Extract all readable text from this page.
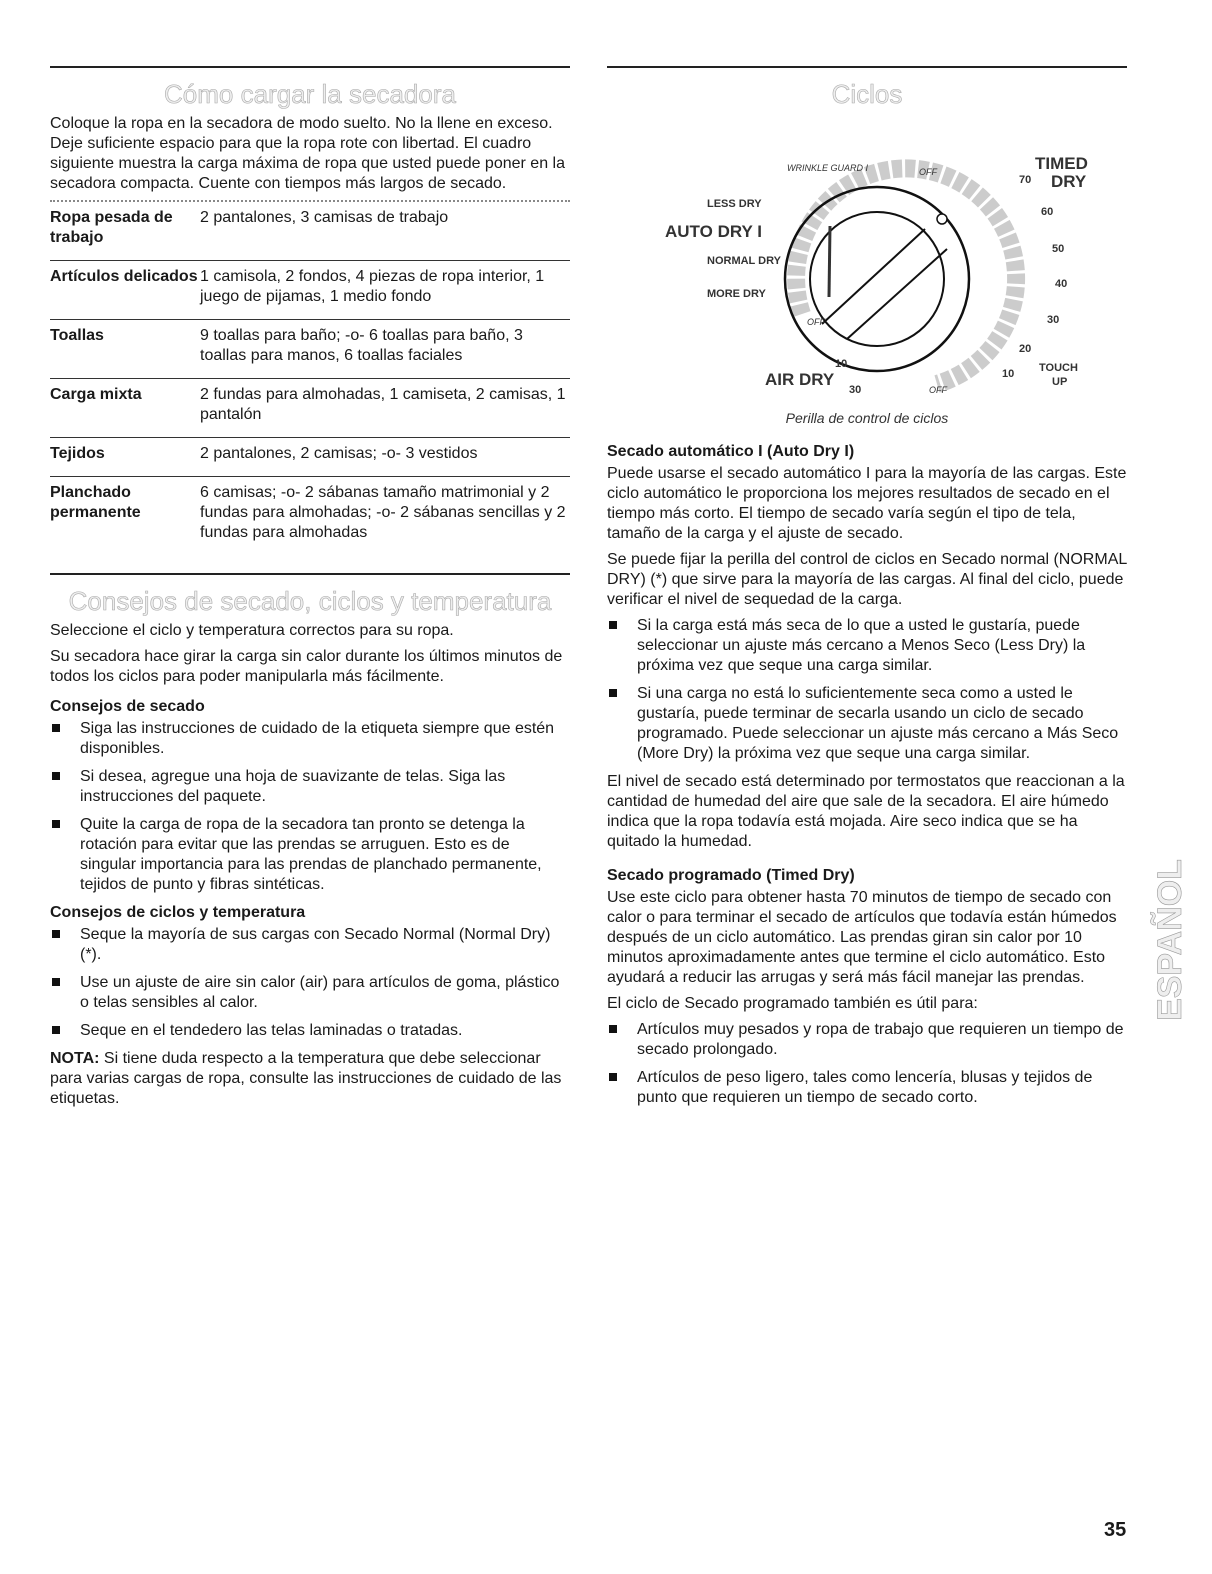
Cómo cargar la secadora

Coloque la ropa en la secadora de modo suelto. No la llene en exceso. Deje suficiente espacio para que la ropa rote con libertad. El cuadro siguiente muestra la carga máxima de ropa que usted puede poner en la secadora compacta. Cuente con tiempos más largos de secado.

Ropa pesada de trabajo	2 pantalones, 3 camisas de trabajo
Artículos delicados	1 camisola, 2 fondos, 4 piezas de ropa interior, 1 juego de pijamas, 1 medio fondo
Toallas	9 toallas para baño; -o- 6 toallas para baño, 3 toallas para manos, 6 toallas faciales
Carga mixta	2 fundas para almohadas, 1 camiseta, 2 camisas, 1 pantalón
Tejidos	2 pantalones, 2 camisas; -o- 3 vestidos
Planchado permanente	6 camisas; -o- 2 sábanas tamaño matrimonial y 2 fundas para almohadas; -o- 2 sábanas sencillas y 2 fundas para almohadas
Consejos de secado, ciclos y temperatura

Seleccione el ciclo y temperatura correctos para su ropa.

Su secadora hace girar la carga sin calor durante los últimos minutos de todos los ciclos para poder manipularla más fácilmente.

Consejos de secado
Siga las instrucciones de cuidado de la etiqueta siempre que estén disponibles.
Si desea, agregue una hoja de suavizante de telas. Siga las instrucciones del paquete.
Quite la carga de ropa de la secadora tan pronto se detenga la rotación para evitar que las prendas se arruguen. Esto es de singular importancia para las prendas de planchado permanente, tejidos de punto y fibras sintéticas.
Consejos de ciclos y temperatura
Seque la mayoría de sus cargas con Secado Normal (Normal Dry) (*).
Use un ajuste de aire sin calor (air) para artículos de goma, plástico o telas sensibles al calor.
Seque en el tendedero las telas laminadas o tratadas.

NOTA: Si tiene duda respecto a la temperatura que debe seleccionar para varias cargas de ropa, consulte las instrucciones de cuidado de las etiquetas.

Ciclos
WRINKLE GUARD I	OFF	TIMED
DRY
70
60
50
40
30
20
10 TOUCH
UP
LESS DRY
AUTO DRY I
NORMAL DRY
MORE DRY
OFF
10
AIR DRY
30	OFF
Perilla de control de ciclos
Secado automático I (Auto Dry I)

Puede usarse el secado automático I para la mayoría de las cargas. Este ciclo automático le proporciona los mejores resultados de secado en el tiempo más corto. El tiempo de secado varía según el tipo de tela, tamaño de la carga y el ajuste de secado.

Se puede fijar la perilla del control de ciclos en Secado normal (NORMAL DRY) (*) que sirve para la mayoría de las cargas. Al final del ciclo, puede verificar el nivel de sequedad de la carga.

Si la carga está más seca de lo que a usted le gustaría, puede seleccionar un ajuste más cercano a Menos Seco (Less Dry) la próxima vez que seque una carga similar.
Si una carga no está lo suficientemente seca como a usted le gustaría, puede terminar de secarla usando un ciclo de secado programado. Puede seleccionar un ajuste más cercano a Más Seco (More Dry) la próxima vez que seque una carga similar.

El nivel de secado está determinado por termostatos que reaccionan a la cantidad de humedad del aire que sale de la secadora. El aire húmedo indica que la ropa todavía está mojada. Aire seco indica que se ha quitado la humedad.

Secado programado (Timed Dry)

Use este ciclo para obtener hasta 70 minutos de tiempo de secado con calor o para terminar el secado de artículos que todavía están húmedos después de un ciclo automático. Las prendas giran sin calor por 10 minutos aproximadamente antes que termine el ciclo automático. Esto ayudará a reducir las arrugas y será más fácil manejar las prendas.

El ciclo de Secado programado también es útil para:

Artículos muy pesados y ropa de trabajo que requieren un tiempo de secado prolongado.
Artículos de peso ligero, tales como lencería, blusas y tejidos de punto que requieren un tiempo de secado corto.
ESPAÑOL
35
